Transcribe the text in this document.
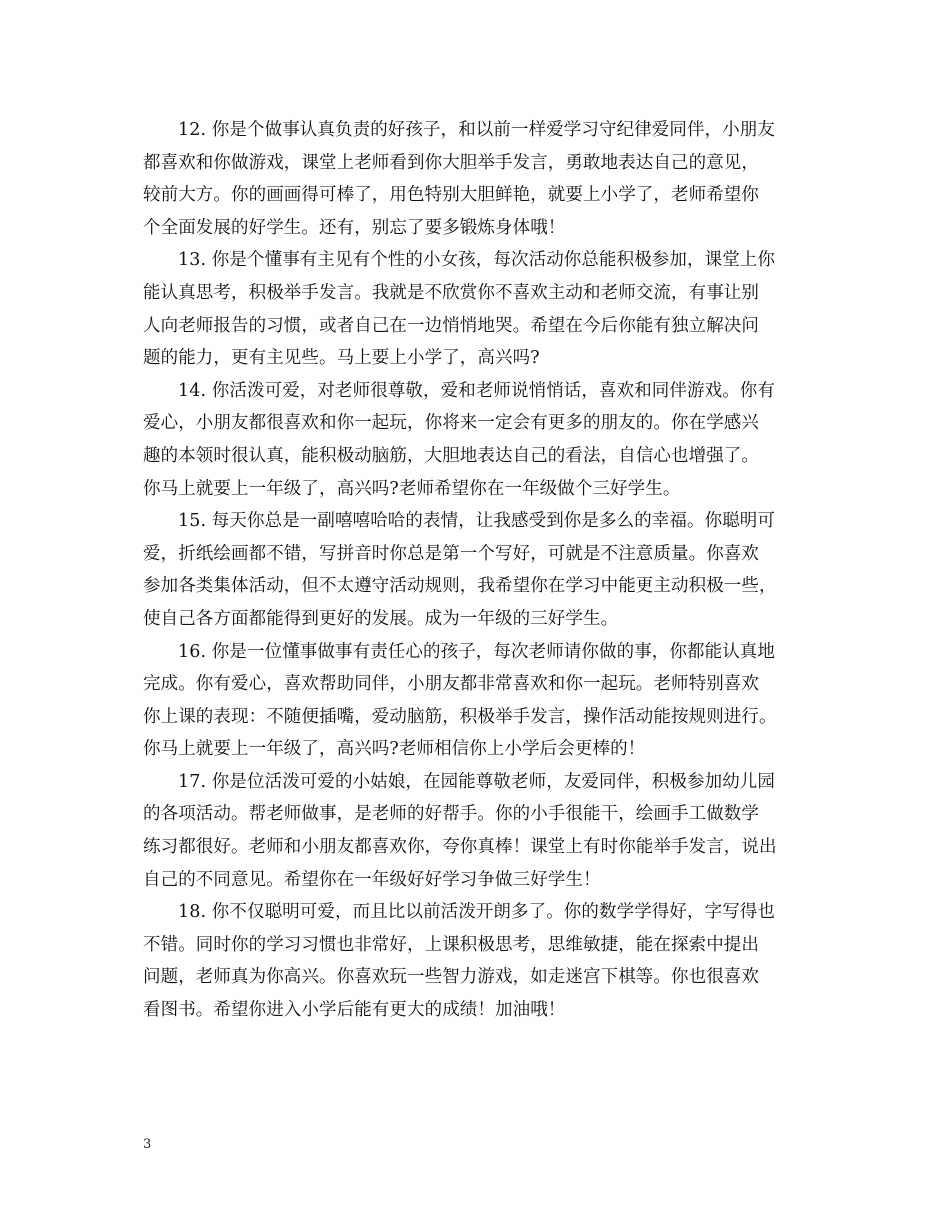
12. 你是个做事认真负责的好孩子，和以前一样爱学习守纪律爱同伴，小朋友
都喜欢和你做游戏，课堂上老师看到你大胆举手发言，勇敢地表达自己的意见，
较前大方。你的画画得可棒了，用色特别大胆鲜艳，就要上小学了，老师希望你
个全面发展的好学生。还有，别忘了要多锻炼身体哦！

13. 你是个懂事有主见有个性的小女孩，每次活动你总能积极参加，课堂上你
能认真思考，积极举手发言。我就是不欣赏你不喜欢主动和老师交流，有事让别
人向老师报告的习惯，或者自己在一边悄悄地哭。希望在今后你能有独立解决问
题的能力，更有主见些。马上要上小学了，高兴吗?

14. 你活泼可爱，对老师很尊敬，爱和老师说悄悄话，喜欢和同伴游戏。你有
爱心，小朋友都很喜欢和你一起玩，你将来一定会有更多的朋友的。你在学感兴
趣的本领时很认真，能积极动脑筋，大胆地表达自己的看法，自信心也增强了。
你马上就要上一年级了，高兴吗?老师希望你在一年级做个三好学生。

15. 每天你总是一副嘻嘻哈哈的表情，让我感受到你是多么的幸福。你聪明可
爱，折纸绘画都不错，写拼音时你总是第一个写好，可就是不注意质量。你喜欢
参加各类集体活动，但不太遵守活动规则，我希望你在学习中能更主动积极一些，
使自己各方面都能得到更好的发展。成为一年级的三好学生。

16. 你是一位懂事做事有责任心的孩子，每次老师请你做的事，你都能认真地
完成。你有爱心，喜欢帮助同伴，小朋友都非常喜欢和你一起玩。老师特别喜欢
你上课的表现：不随便插嘴，爱动脑筋，积极举手发言，操作活动能按规则进行。
你马上就要上一年级了，高兴吗?老师相信你上小学后会更棒的！

17. 你是位活泼可爱的小姑娘，在园能尊敬老师，友爱同伴，积极参加幼儿园
的各项活动。帮老师做事，是老师的好帮手。你的小手很能干，绘画手工做数学
练习都很好。老师和小朋友都喜欢你，夸你真棒！课堂上有时你能举手发言，说出
自己的不同意见。希望你在一年级好好学习争做三好学生！

18. 你不仅聪明可爱，而且比以前活泼开朗多了。你的数学学得好，字写得也
不错。同时你的学习习惯也非常好，上课积极思考，思维敏捷，能在探索中提出
问题，老师真为你高兴。你喜欢玩一些智力游戏，如走迷宫下棋等。你也很喜欢
看图书。希望你进入小学后能有更大的成绩！加油哦！

3
